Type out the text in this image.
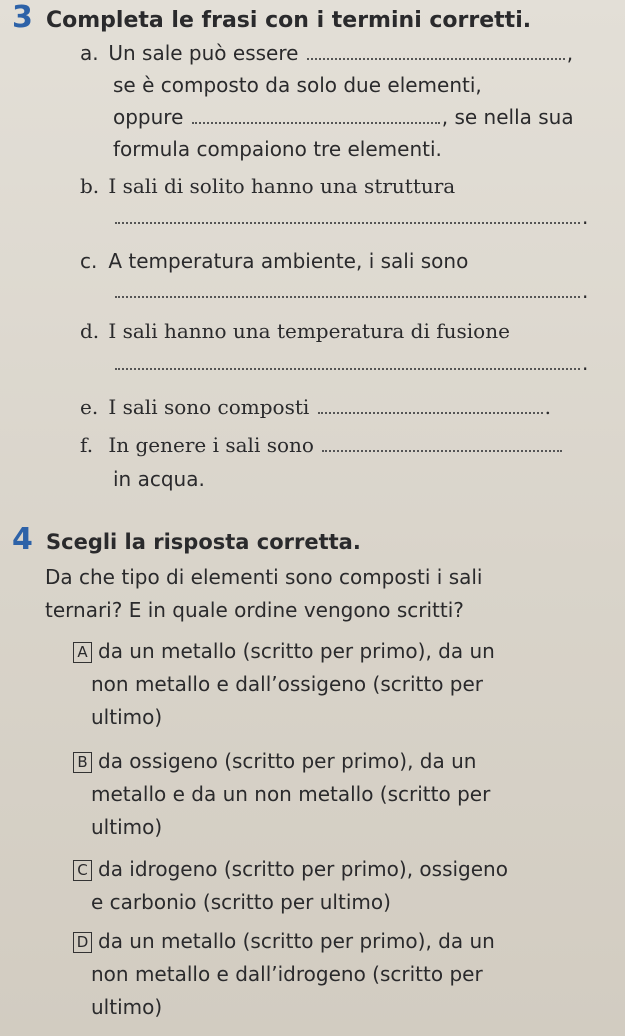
3 Completa le frasi con i termini corretti.
a. Un sale può essere	,
se è composto da solo due elementi,
oppure	, se nella sua
formula compaiono tre elementi.
b. I sali di solito hanno una struttura
.
c. A temperatura ambiente, i sali sono
.
d. I sali hanno una temperatura di fusione
.
e. I sali sono composti	.
f. In genere i sali sono
in acqua.
4 Scegli la risposta corretta.
Da che tipo di elementi sono composti i sali
ternari? E in quale ordine vengono scritti?
A da un metallo (scritto per primo), da un
non metallo e dall’ossigeno (scritto per
ultimo)
B da ossigeno (scritto per primo), da un
metallo e da un non metallo (scritto per
ultimo)
C da idrogeno (scritto per primo), ossigeno
e carbonio (scritto per ultimo)
D da un metallo (scritto per primo), da un
non metallo e dall’idrogeno (scritto per
ultimo)
